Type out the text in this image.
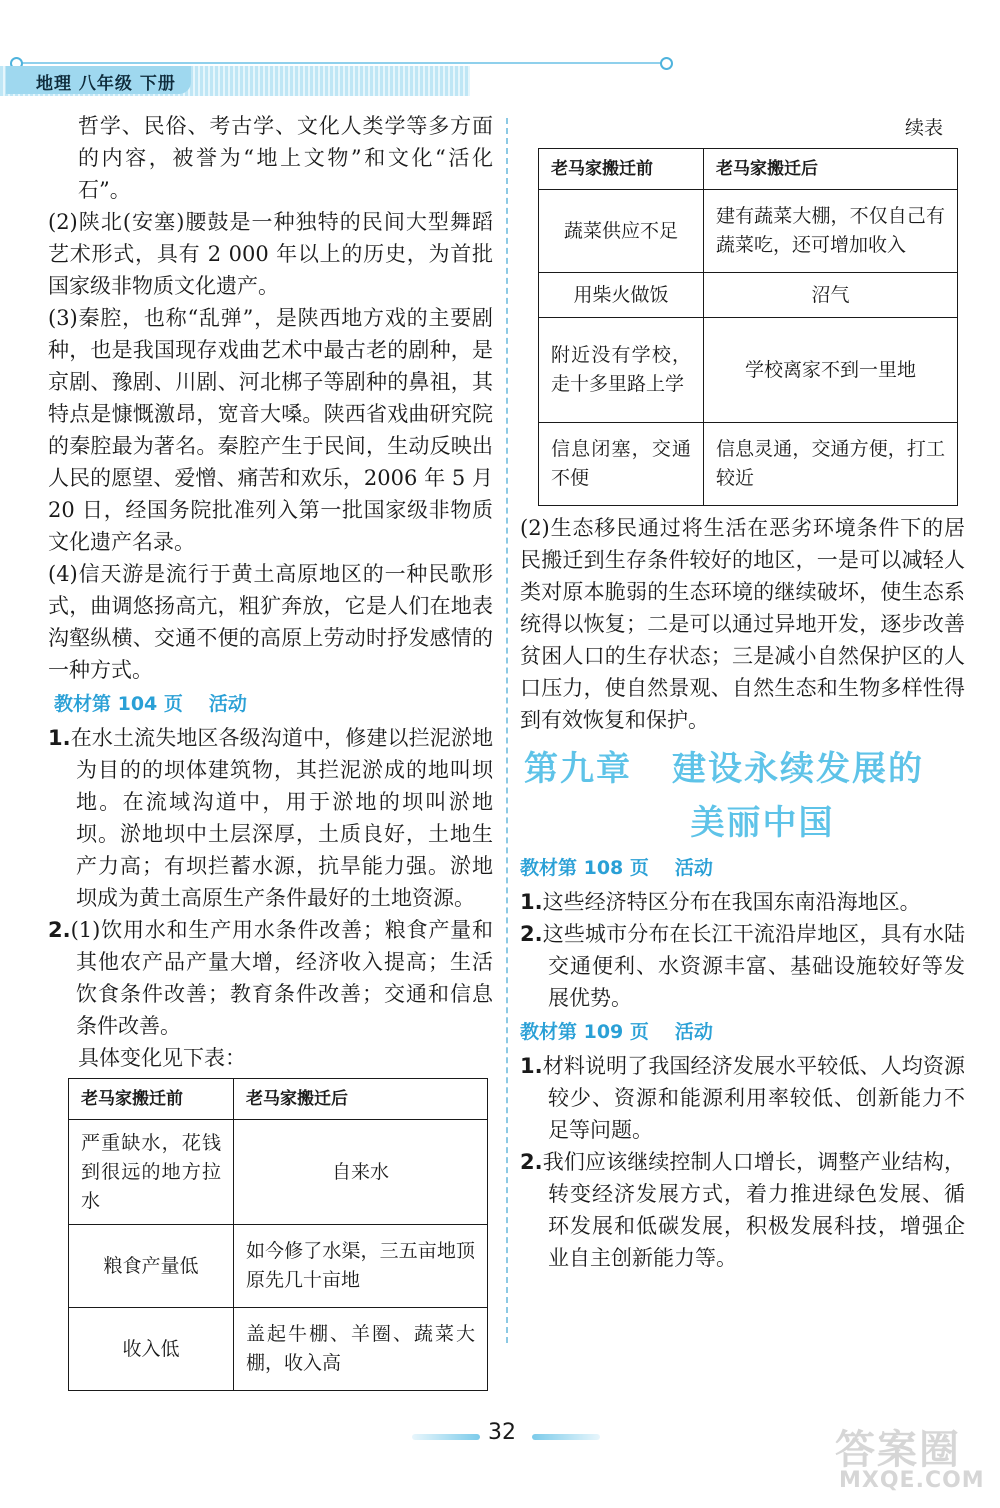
地理 八年级 下册

哲学、民俗、考古学、文化人类学等多方面的内容，被誉为“地上文物”和文化“活化石”。

(2)陕北(安塞)腰鼓是一种独特的民间大型舞蹈艺术形式，具有 2 000 年以上的历史，为首批国家级非物质文化遗产。

(3)秦腔，也称“乱弹”，是陕西地方戏的主要剧种，也是我国现存戏曲艺术中最古老的剧种，是京剧、豫剧、川剧、河北梆子等剧种的鼻祖，其特点是慷慨激昂，宽音大嗓。陕西省戏曲研究院的秦腔最为著名。秦腔产生于民间，生动反映出人民的愿望、爱憎、痛苦和欢乐，2006 年 5 月 20 日，经国务院批准列入第一批国家级非物质文化遗产名录。

(4)信天游是流行于黄土高原地区的一种民歌形式，曲调悠扬高亢，粗犷奔放，它是人们在地表沟壑纵横、交通不便的高原上劳动时抒发感情的一种方式。

教材第 104 页 活动

1.在水土流失地区各级沟道中，修建以拦泥淤地为目的的坝体建筑物，其拦泥淤成的地叫坝地。在流域沟道中，用于淤地的坝叫淤地坝。淤地坝中土层深厚，土质良好，土地生产力高；有坝拦蓄水源，抗旱能力强。淤地坝成为黄土高原生产条件最好的土地资源。

2.(1)饮用水和生产用水条件改善；粮食产量和其他农产品产量大增，经济收入提高；生活饮食条件改善；教育条件改善；交通和信息条件改善。

具体变化见下表：

老马家搬迁前	老马家搬迁后
严重缺水，花钱到很远的地方拉水	自来水
粮食产量低	如今修了水渠，三五亩地顶原先几十亩地
收入低	盖起牛棚、羊圈、蔬菜大棚，收入高
续表
老马家搬迁前	老马家搬迁后
蔬菜供应不足	建有蔬菜大棚，不仅自己有蔬菜吃，还可增加收入
用柴火做饭	沼气
附近没有学校，走十多里路上学	学校离家不到一里地
信息闭塞，交通不便	信息灵通，交通方便，打工较近

(2)生态移民通过将生活在恶劣环境条件下的居民搬迁到生存条件较好的地区，一是可以减轻人类对原本脆弱的生态环境的继续破坏，使生态系统得以恢复；二是可以通过异地开发，逐步改善贫困人口的生存状态；三是减小自然保护区的人口压力，使自然景观、自然生态和生物多样性得到有效恢复和保护。

第九章 建设永续发展的
美丽中国
教材第 108 页 活动

1.这些经济特区分布在我国东南沿海地区。

2.这些城市分布在长江干流沿岸地区，具有水陆交通便利、水资源丰富、基础设施较好等发展优势。

教材第 109 页 活动

1.材料说明了我国经济发展水平较低、人均资源较少、资源和能源利用率较低、创新能力不足等问题。

2.我们应该继续控制人口增长，调整产业结构，转变经济发展方式，着力推进绿色发展、循环发展和低碳发展，积极发展科技，增强企业自主创新能力等。

32	答案圈
MXQE.COM
